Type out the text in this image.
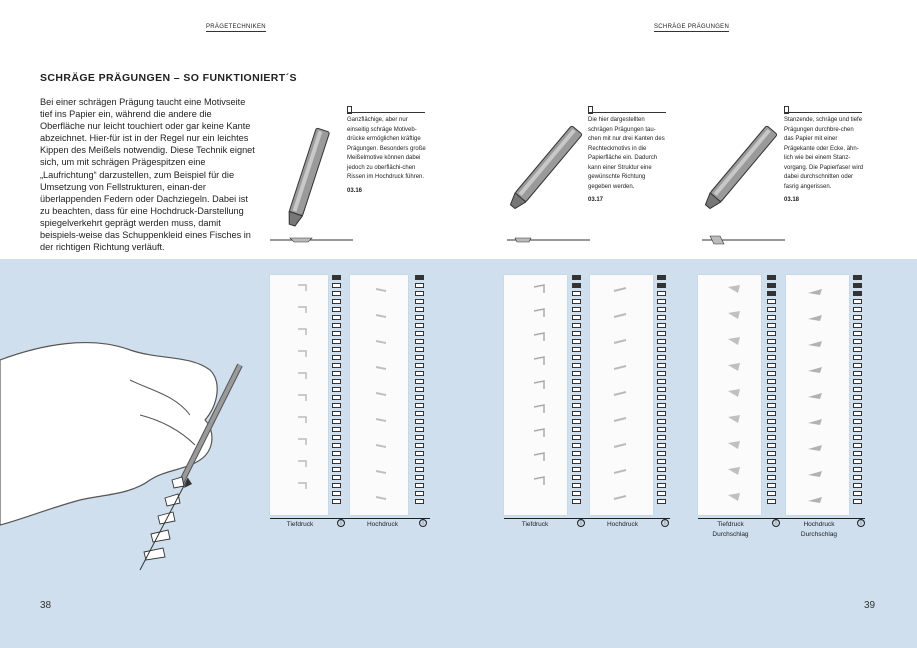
PRÄGETECHNIKEN	SCHRÄGE PRÄGUNGEN
SCHRÄGE PRÄGUNGEN – SO FUNKTIONIERT´S
Bei einer schrägen Prägung taucht eine Motivseite tief ins Papier ein, während die andere die Oberfläche nur leicht touchiert oder gar keine Kante abzeichnet. Hier-für ist in der Regel nur ein leichtes Kippen des Meißels notwendig. Diese Technik eignet sich, um mit schrägen Prägespitzen eine „Laufrichtung“ darzustellen, zum Beispiel für die Umsetzung von Fellstrukturen, einan-der überlappenden Federn oder Dachziegeln. Dabei ist zu beachten, dass für eine Hochdruck-Darstellung spiegelverkehrt geprägt werden muss, damit beispiels-weise das Schuppenkleid eines Fisches in der richtigen Richtung verläuft.
Ganzflächige, aber nur einseitig schräge Motiveb-drücke ermöglichen kräftige Prägungen. Besonders große Meißelmotive können dabei jedoch zu oberflächi-chen Rissen im Hochdruck führen.
03.16
Die hier dargestellten schrägen Prägungen tau-chen mit nur drei Kanten des Rechteckmotivs in die Papierfläche ein. Dadurch kann einer Struktur eine gewünschte Richtung gegeben werden.
03.17
Stanzende, schräge und tiefe Prägungen durchbre-chen das Papier mit einer Prägekante oder Ecke, ähn-lich wie bei einem Stanz-vorgang. Die Papierfaser wird dabei durchschnitten oder fasrig angerissen.
03.18
Tiefdruck	Ⓣ	Hochdruck	Ⓣ	Tiefdruck	Ⓣ	Hochdruck	Ⓣ	Tiefdruck
Durchschlag
Ⓣ	Hochdruck
Durchschlag
Ⓣ
38	39
